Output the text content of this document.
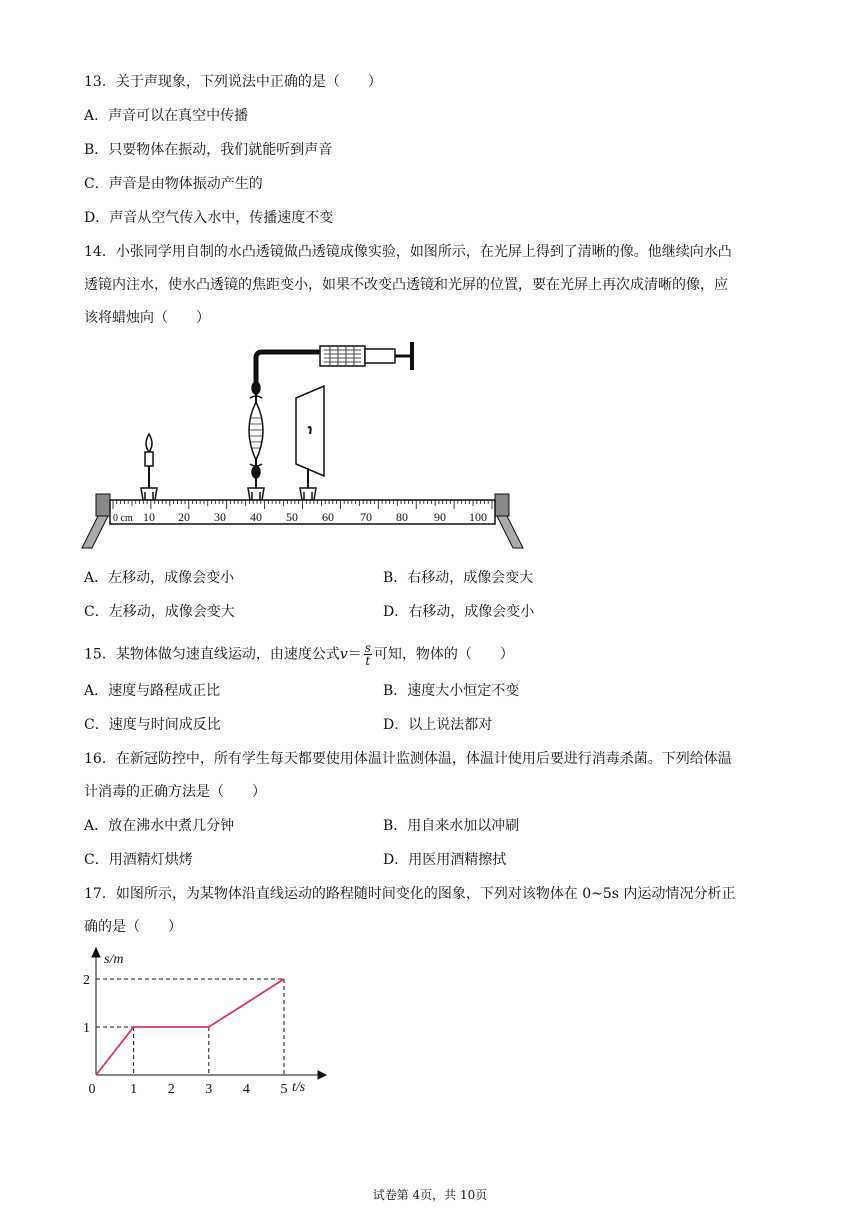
13．关于声现象，下列说法中正确的是（　　）
A．声音可以在真空中传播
B．只要物体在振动，我们就能听到声音
C．声音是由物体振动产生的
D．声音从空气传入水中，传播速度不变
14．小张同学用自制的水凸透镜做凸透镜成像实验，如图所示，在光屏上得到了清晰的像。他继续向水凸
透镜内注水，使水凸透镜的焦距变小，如果不改变凸透镜和光屏的位置，要在光屏上再次成清晰的像，应
该将蜡烛向（　　）
0 cm 10 20 30 40 50 60 70 80 90 100
A．左移动，成像会变小	B．右移动，成像会变大
C．左移动，成像会变大	D．右移动，成像会变小
15．某物体做匀速直线运动，由速度公式$v= \frac{s}{t}$ 可知，物体的（　　）
A．速度与路程成正比	B．速度大小恒定不变
C．速度与时间成反比	D．以上说法都对
16．在新冠防控中，所有学生每天都要使用体温计监测体温，体温计使用后要进行消毒杀菌。下列给体温
计消毒的正确方法是（　　）
A．放在沸水中煮几分钟	B．用自来水加以冲刷
C．用酒精灯烘烤	D．用医用酒精擦拭
17．如图所示，为某物体沿直线运动的路程随时间变化的图象，下列对该物体在 0~5s 内运动情况分析正
确的是（　　）
0 1 2 3 4 5
1
2
s/m
t/s
试卷第 4页，共 10页
